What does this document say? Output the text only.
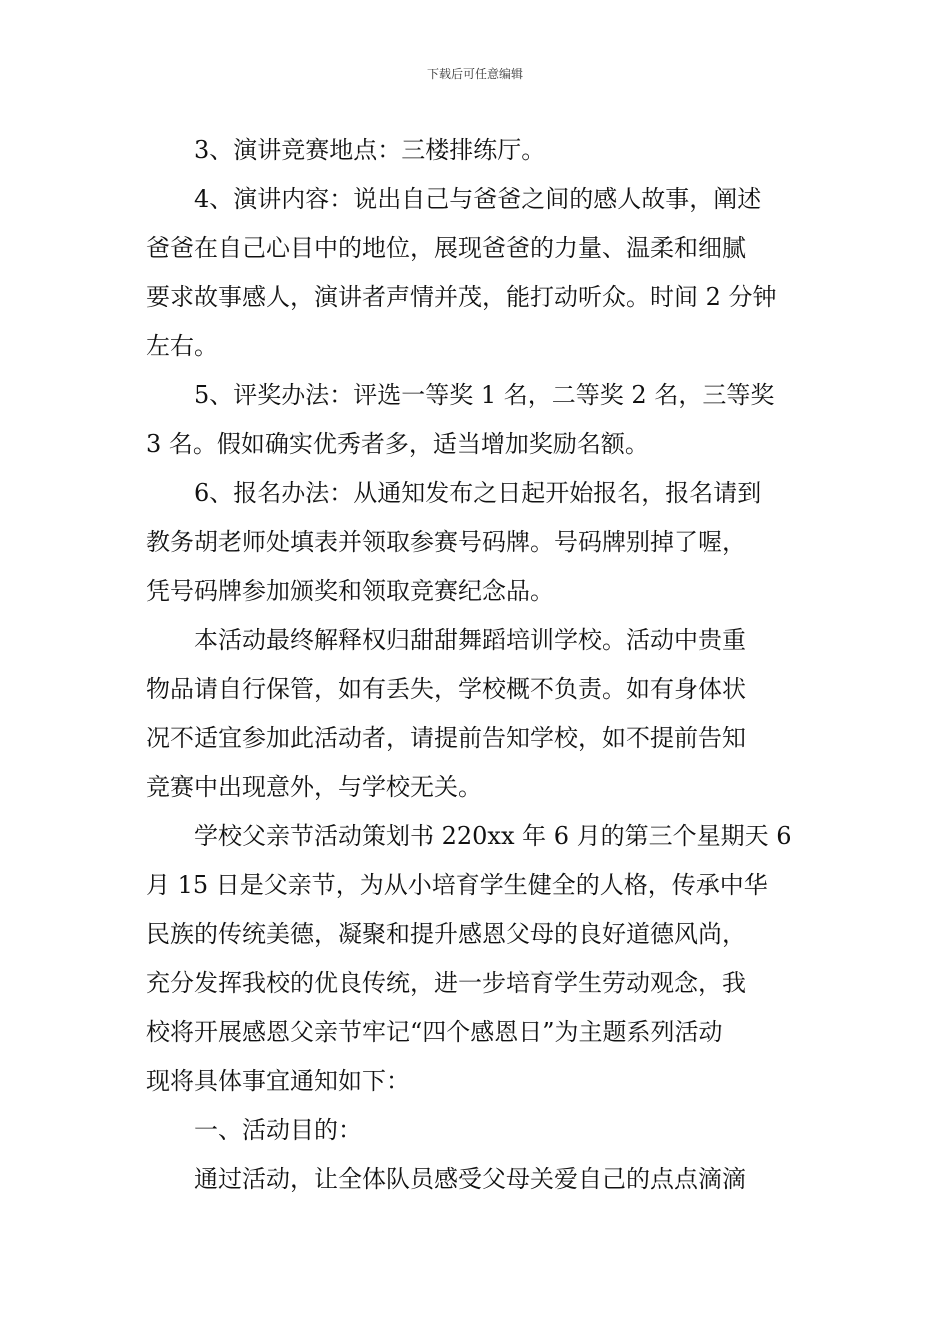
下载后可任意编辑

3、演讲竞赛地点：三楼排练厅。

4、演讲内容：说出自己与爸爸之间的感人故事，阐述
爸爸在自己心目中的地位，展现爸爸的力量、温柔和细腻
要求故事感人，演讲者声情并茂，能打动听众。时间 2 分钟
左右。

5、评奖办法：评选一等奖 1 名，二等奖 2 名，三等奖
3 名。假如确实优秀者多，适当增加奖励名额。

6、报名办法：从通知发布之日起开始报名，报名请到
教务胡老师处填表并领取参赛号码牌。号码牌别掉了喔，
凭号码牌参加颁奖和领取竞赛纪念品。

本活动最终解释权归甜甜舞蹈培训学校。活动中贵重
物品请自行保管，如有丢失，学校概不负责。如有身体状
况不适宜参加此活动者，请提前告知学校，如不提前告知
竞赛中出现意外，与学校无关。

学校父亲节活动策划书 220xx 年 6 月的第三个星期天 6
月 15 日是父亲节，为从小培育学生健全的人格，传承中华
民族的传统美德，凝聚和提升感恩父母的良好道德风尚，
充分发挥我校的优良传统，进一步培育学生劳动观念，我
校将开展感恩父亲节牢记“四个感恩日”为主题系列活动
现将具体事宜通知如下：

一、活动目的：

通过活动，让全体队员感受父母关爱自己的点点滴滴
